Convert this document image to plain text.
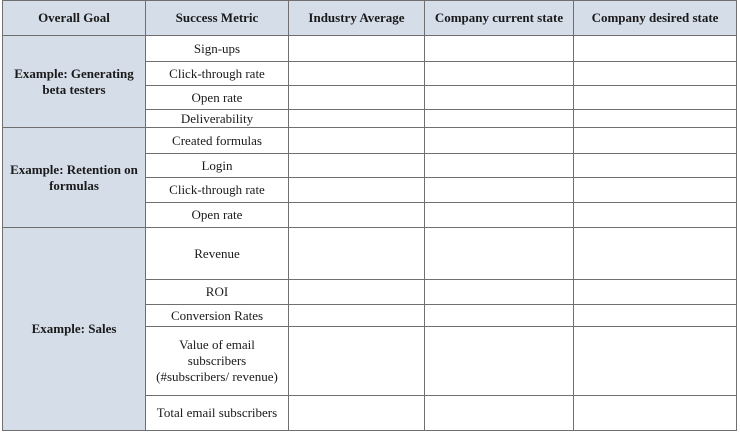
Overall Goal	Success Metric	Industry Average	Company current state	Company desired state
Example: Generating beta testers	Sign-ups			
	Click-through rate			
	Open rate			
	Deliverability			
Example: Retention on formulas	Created formulas			
	Login			
	Click-through rate			
	Open rate			
Example: Sales	Revenue			
	ROI			
	Conversion Rates			
	Value of email subscribers (#subscribers/ revenue)			
	Total email subscribers			
